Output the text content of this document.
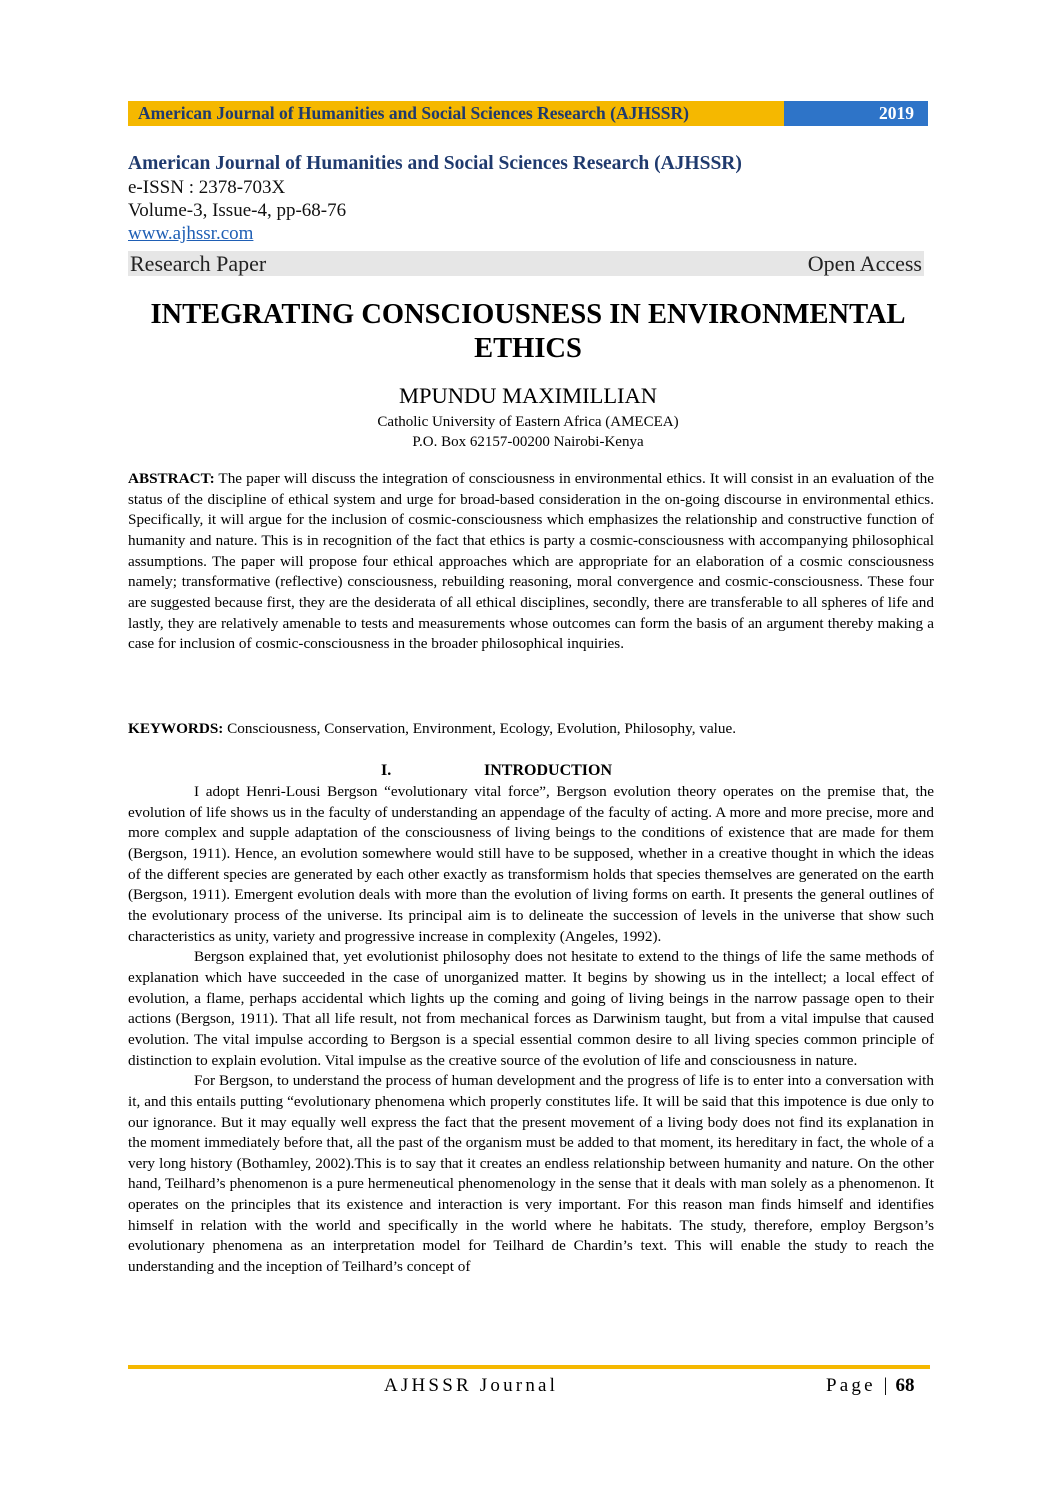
American Journal of Humanities and Social Sciences Research (AJHSSR)	2019
American Journal of Humanities and Social Sciences Research (AJHSSR)
e-ISSN : 2378-703X
Volume-3, Issue-4, pp-68-76
www.ajhssr.com
Research Paper	Open Access
INTEGRATING CONSCIOUSNESS IN ENVIRONMENTAL
ETHICS
MPUNDU MAXIMILLIAN
Catholic University of Eastern Africa (AMECEA)
P.O. Box 62157-00200 Nairobi-Kenya
ABSTRACT: The paper will discuss the integration of consciousness in environmental ethics. It will consist in an evaluation of the status of the discipline of ethical system and urge for broad-based consideration in the on-going discourse in environmental ethics. Specifically, it will argue for the inclusion of cosmic-consciousness which emphasizes the relationship and constructive function of humanity and nature. This is in recognition of the fact that ethics is party a cosmic-consciousness with accompanying philosophical assumptions. The paper will propose four ethical approaches which are appropriate for an elaboration of a cosmic consciousness namely; transformative (reflective) consciousness, rebuilding reasoning, moral convergence and cosmic-consciousness. These four are suggested because first, they are the desiderata of all ethical disciplines, secondly, there are transferable to all spheres of life and lastly, they are relatively amenable to tests and measurements whose outcomes can form the basis of an argument thereby making a case for inclusion of cosmic-consciousness in the broader philosophical inquiries.
KEYWORDS: Consciousness, Conservation, Environment, Ecology, Evolution, Philosophy, value.
I.	INTRODUCTION

I adopt Henri-Lousi Bergson “evolutionary vital force”, Bergson evolution theory operates on the premise that, the evolution of life shows us in the faculty of understanding an appendage of the faculty of acting. A more and more precise, more and more complex and supple adaptation of the consciousness of living beings to the conditions of existence that are made for them (Bergson, 1911). Hence, an evolution somewhere would still have to be supposed, whether in a creative thought in which the ideas of the different species are generated by each other exactly as transformism holds that species themselves are generated on the earth (Bergson, 1911). Emergent evolution deals with more than the evolution of living forms on earth. It presents the general outlines of the evolutionary process of the universe. Its principal aim is to delineate the succession of levels in the universe that show such characteristics as unity, variety and progressive increase in complexity (Angeles, 1992).

Bergson explained that, yet evolutionist philosophy does not hesitate to extend to the things of life the same methods of explanation which have succeeded in the case of unorganized matter. It begins by showing us in the intellect; a local effect of evolution, a flame, perhaps accidental which lights up the coming and going of living beings in the narrow passage open to their actions (Bergson, 1911). That all life result, not from mechanical forces as Darwinism taught, but from a vital impulse that caused evolution. The vital impulse according to Bergson is a special essential common desire to all living species common principle of distinction to explain evolution. Vital impulse as the creative source of the evolution of life and consciousness in nature.

For Bergson, to understand the process of human development and the progress of life is to enter into a conversation with it, and this entails putting “evolutionary phenomena which properly constitutes life. It will be said that this impotence is due only to our ignorance. But it may equally well express the fact that the present movement of a living body does not find its explanation in the moment immediately before that, all the past of the organism must be added to that moment, its hereditary in fact, the whole of a very long history (Bothamley, 2002).This is to say that it creates an endless relationship between humanity and nature. On the other hand, Teilhard’s phenomenon is a pure hermeneutical phenomenology in the sense that it deals with man solely as a phenomenon. It operates on the principles that its existence and interaction is very important. For this reason man finds himself and identifies himself in relation with the world and specifically in the world where he habitats. The study, therefore, employ Bergson’s evolutionary phenomena as an interpretation model for Teilhard de Chardin’s text. This will enable the study to reach the understanding and the inception of Teilhard’s concept of

AJHSSR Journal	Page | 68
